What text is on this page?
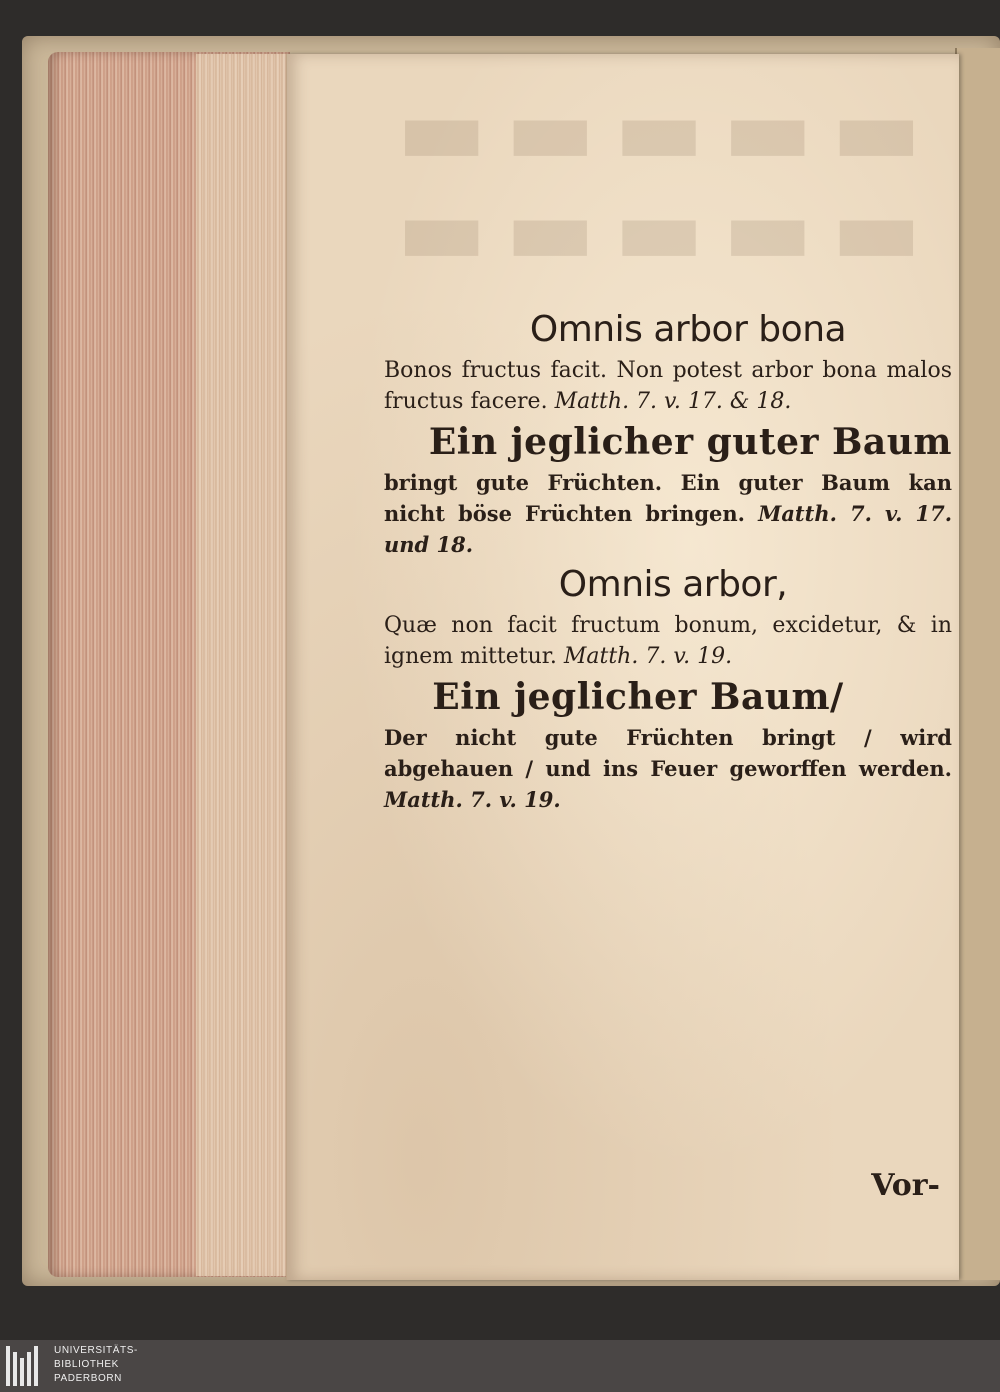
▬▬▬▬▬
▬▬▬▬▬
Omnis arbor bona
Bonos fructus facit. Non potest arbor bona malos fructus facere. Matth. 7. v. 17. & 18.
Ein jeglicher guter Baum
bringt gute Früchten. Ein guter Baum kan nicht böse Früchten bringen. Matth. 7. v. 17. und 18.
Omnis arbor,
Quæ non facit fructum bonum, excidetur, & in ignem mittetur. Matth. 7. v. 19.
Ein jeglicher Baum/
Der nicht gute Früchten bringt / wird abgehauen / und ins Feuer geworffen werden. Matth. 7. v. 19.
Vor-
UNIVERSITÄTS-
BIBLIOTHEK
PADERBORN
